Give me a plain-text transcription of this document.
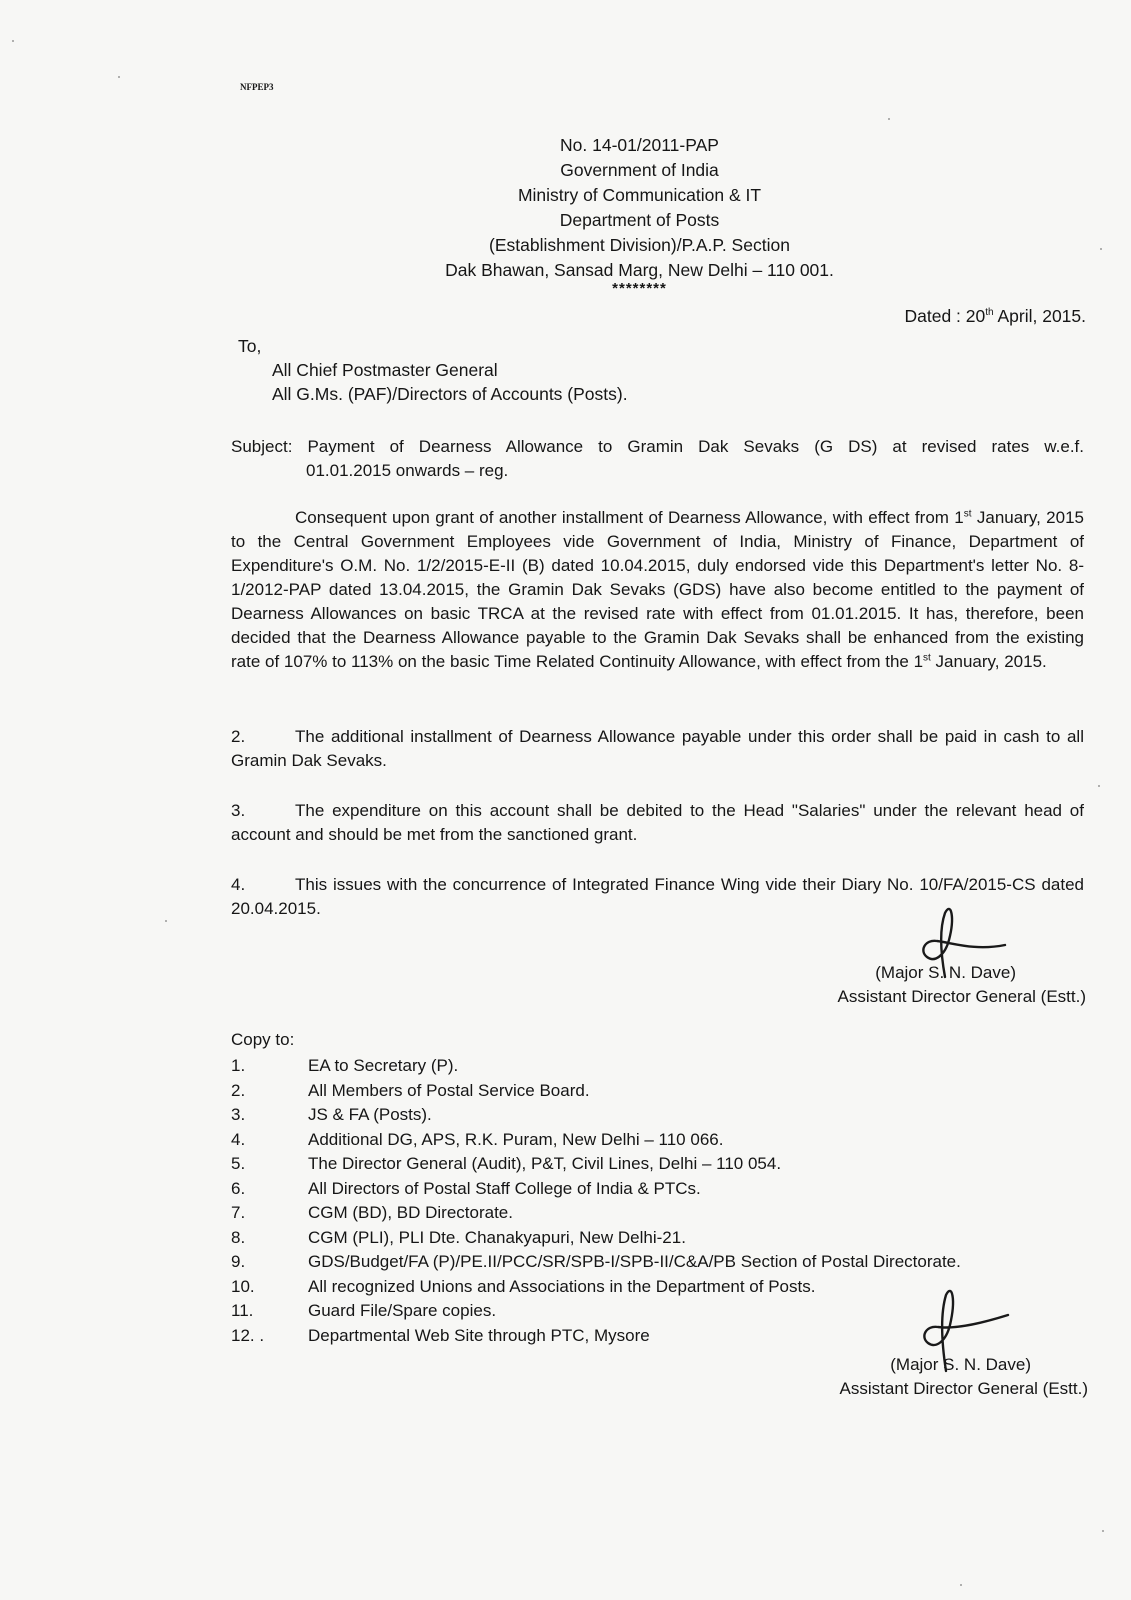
NFPEP3
No. 14-01/2011-PAP
Government of India
Ministry of Communication & IT
Department of Posts
(Establishment Division)/P.A.P. Section
Dak Bhawan, Sansad Marg, New Delhi – 110 001.
********
Dated : 20th April, 2015.
To,
All Chief Postmaster General
All G.Ms. (PAF)/Directors of Accounts (Posts).
Subject: Payment of Dearness Allowance to Gramin Dak Sevaks (G DS) at revised rates w.e.f.
01.01.2015 onwards – reg.
Consequent upon grant of another installment of Dearness Allowance, with effect from 1st January, 2015 to the Central Government Employees vide Government of India, Ministry of Finance, Department of Expenditure's O.M. No. 1/2/2015-E-II (B) dated 10.04.2015, duly endorsed vide this Department's letter No. 8-1/2012-PAP dated 13.04.2015, the Gramin Dak Sevaks (GDS) have also become entitled to the payment of Dearness Allowances on basic TRCA at the revised rate with effect from 01.01.2015. It has, therefore, been decided that the Dearness Allowance payable to the Gramin Dak Sevaks shall be enhanced from the existing rate of 107% to 113% on the basic Time Related Continuity Allowance, with effect from the 1st January, 2015.
2.	The additional installment of Dearness Allowance payable under this order shall be paid in cash to all Gramin Dak Sevaks.
3.	The expenditure on this account shall be debited to the Head "Salaries" under the relevant head of account and should be met from the sanctioned grant.
4.	This issues with the concurrence of Integrated Finance Wing vide their Diary No. 10/FA/2015-CS dated 20.04.2015.
(Major S. N. Dave)
Assistant Director General (Estt.)
Copy to:
1.	EA to Secretary (P).
2.	All Members of Postal Service Board.
3.	JS & FA (Posts).
4.	Additional DG, APS, R.K. Puram, New Delhi – 110 066.
5.	The Director General (Audit), P&T, Civil Lines, Delhi – 110 054.
6.	All Directors of Postal Staff College of India & PTCs.
7.	CGM (BD), BD Directorate.
8.	CGM (PLI), PLI Dte. Chanakyapuri, New Delhi-21.
9.	GDS/Budget/FA (P)/PE.II/PCC/SR/SPB-I/SPB-II/C&A/PB Section of Postal Directorate.
10.	All recognized Unions and Associations in the Department of Posts.
11.	Guard File/Spare copies.
12. .	Departmental Web Site through PTC, Mysore
(Major S. N. Dave)
Assistant Director General (Estt.)
